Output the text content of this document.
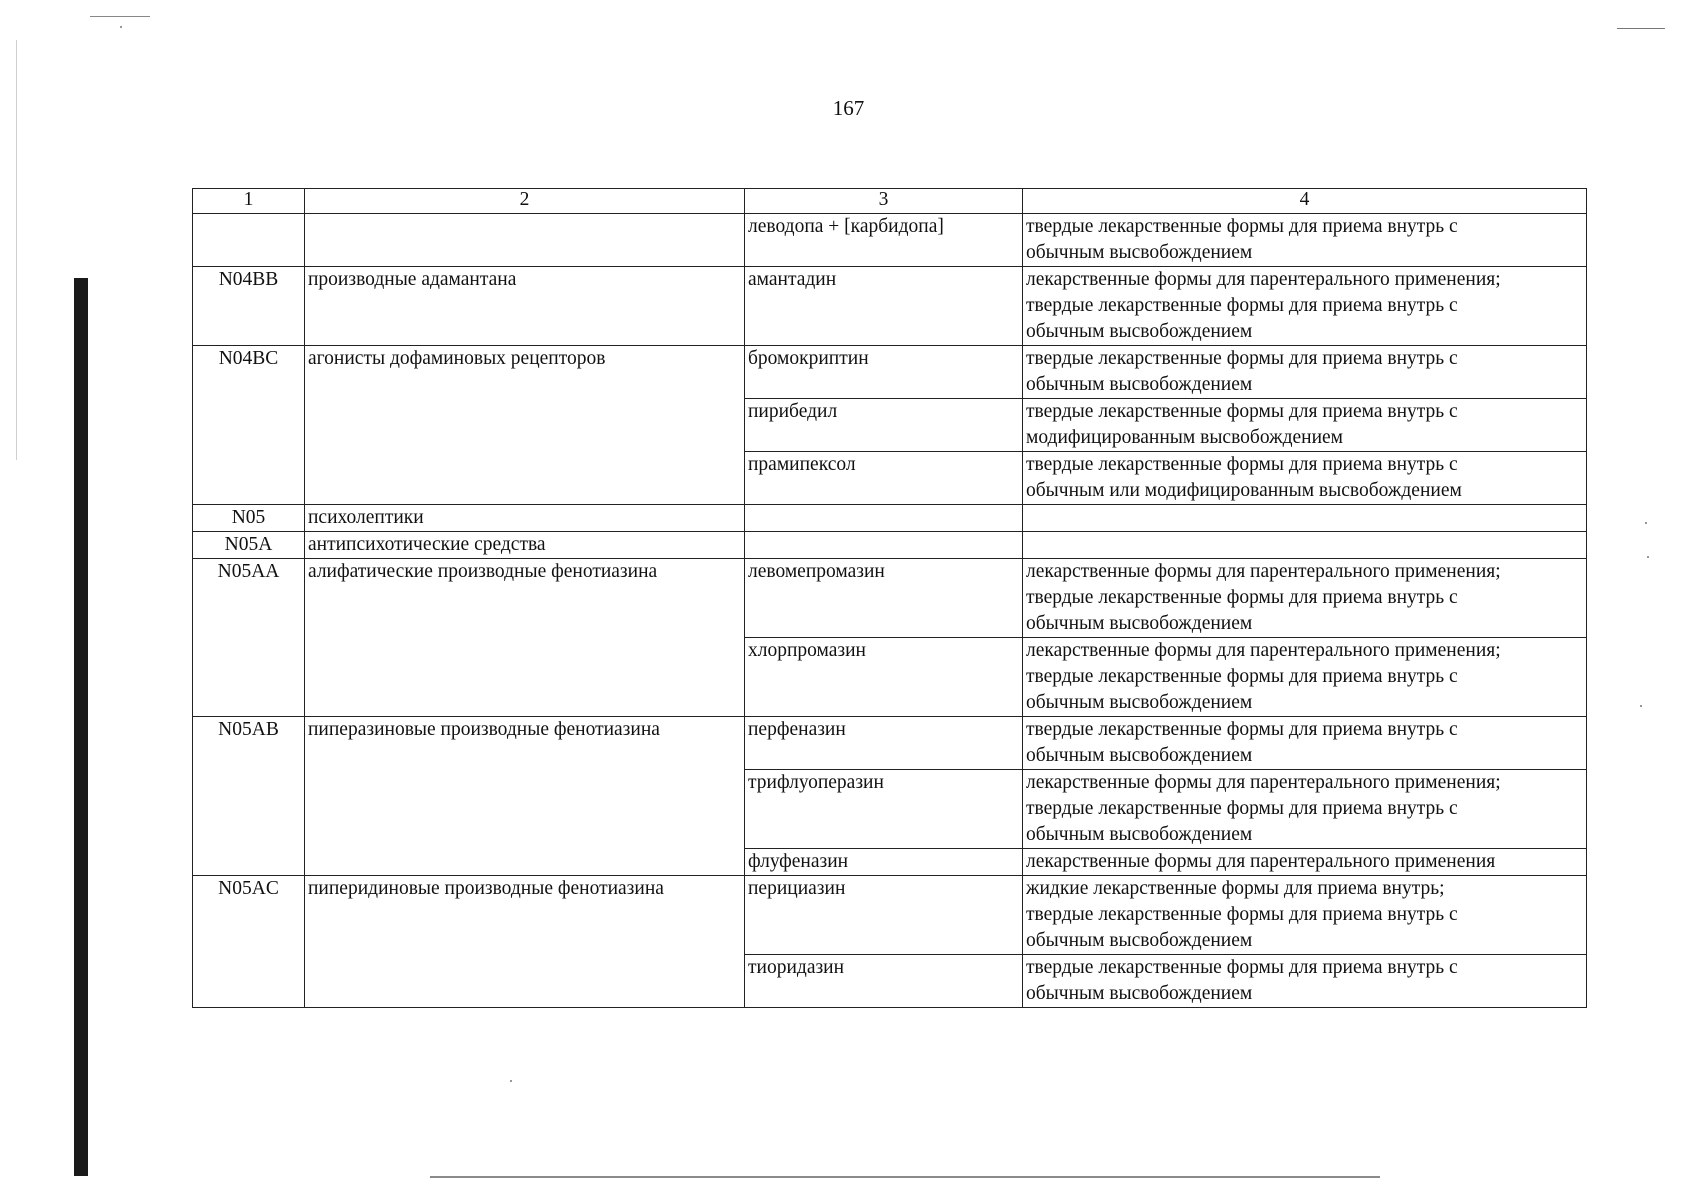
167
1	2	3	4
		леводопа + [карбидопа]	твердые лекарственные формы для приема внутрь с
обычным высвобождением

N04BB	производные адамантана	амантадин	лекарственные формы для парентерального применения;
твердые лекарственные формы для приема внутрь с
обычным высвобождением

N04BC	агонисты дофаминовых рецепторов	бромокриптин	твердые лекарственные формы для приема внутрь с
обычным высвобождением

		пирибедил	твердые лекарственные формы для приема внутрь с
модифицированным высвобождением

		прамипексол	твердые лекарственные формы для приема внутрь с
обычным или модифицированным высвобождением

N05	психолептики		
N05A	антипсихотические средства		
N05AA	алифатические производные фенотиазина	левомепромазин	лекарственные формы для парентерального применения;
твердые лекарственные формы для приема внутрь с
обычным высвобождением

		хлорпромазин	лекарственные формы для парентерального применения;
твердые лекарственные формы для приема внутрь с
обычным высвобождением

N05AB	пиперазиновые производные фенотиазина	перфеназин	твердые лекарственные формы для приема внутрь с
обычным высвобождением

		трифлуоперазин	лекарственные формы для парентерального применения;
твердые лекарственные формы для приема внутрь с
обычным высвобождением

		флуфеназин	лекарственные формы для парентерального применения

N05AC	пиперидиновые производные фенотиазина	перициазин	жидкие лекарственные формы для приема внутрь;
твердые лекарственные формы для приема внутрь с
обычным высвобождением

		тиоридазин	твердые лекарственные формы для приема внутрь с
обычным высвобождением
